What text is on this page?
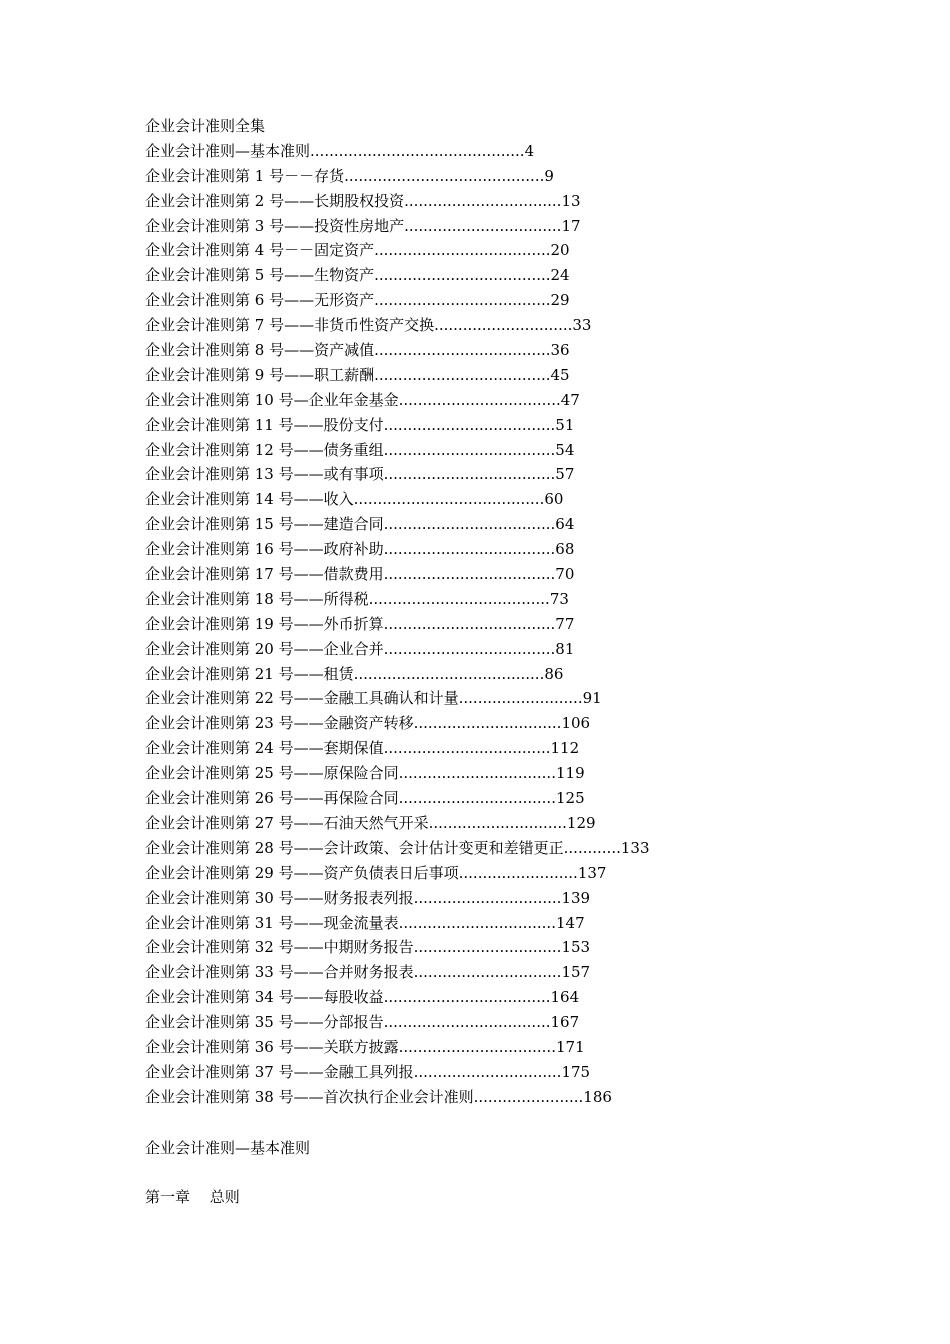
企业会计准则全集
企业会计准则—基本准则.............................................4
企业会计准则第 1 号－－存货..........................................9
企业会计准则第 2 号——长期股权投资.................................13
企业会计准则第 3 号——投资性房地产.................................17
企业会计准则第 4 号－－固定资产.....................................20
企业会计准则第 5 号——生物资产.....................................24
企业会计准则第 6 号——无形资产.....................................29
企业会计准则第 7 号——非货币性资产交换.............................33
企业会计准则第 8 号——资产减值.....................................36
企业会计准则第 9 号——职工薪酬.....................................45
企业会计准则第 10 号—企业年金基金..................................47
企业会计准则第 11 号——股份支付....................................51
企业会计准则第 12 号——债务重组....................................54
企业会计准则第 13 号——或有事项....................................57
企业会计准则第 14 号——收入........................................60
企业会计准则第 15 号——建造合同....................................64
企业会计准则第 16 号——政府补助....................................68
企业会计准则第 17 号——借款费用....................................70
企业会计准则第 18 号——所得税......................................73
企业会计准则第 19 号——外币折算....................................77
企业会计准则第 20 号——企业合并....................................81
企业会计准则第 21 号——租赁........................................86
企业会计准则第 22 号——金融工具确认和计量..........................91
企业会计准则第 23 号——金融资产转移...............................106
企业会计准则第 24 号——套期保值...................................112
企业会计准则第 25 号——原保险合同.................................119
企业会计准则第 26 号——再保险合同.................................125
企业会计准则第 27 号——石油天然气开采.............................129
企业会计准则第 28 号——会计政策、会计估计变更和差错更正............133
企业会计准则第 29 号——资产负债表日后事项.........................137
企业会计准则第 30 号——财务报表列报...............................139
企业会计准则第 31 号——现金流量表.................................147
企业会计准则第 32 号——中期财务报告...............................153
企业会计准则第 33 号——合并财务报表...............................157
企业会计准则第 34 号——每股收益...................................164
企业会计准则第 35 号——分部报告...................................167
企业会计准则第 36 号——关联方披露.................................171
企业会计准则第 37 号——金融工具列报...............................175
企业会计准则第 38 号——首次执行企业会计准则.......................186
企业会计准则—基本准则
第一章　 总则
